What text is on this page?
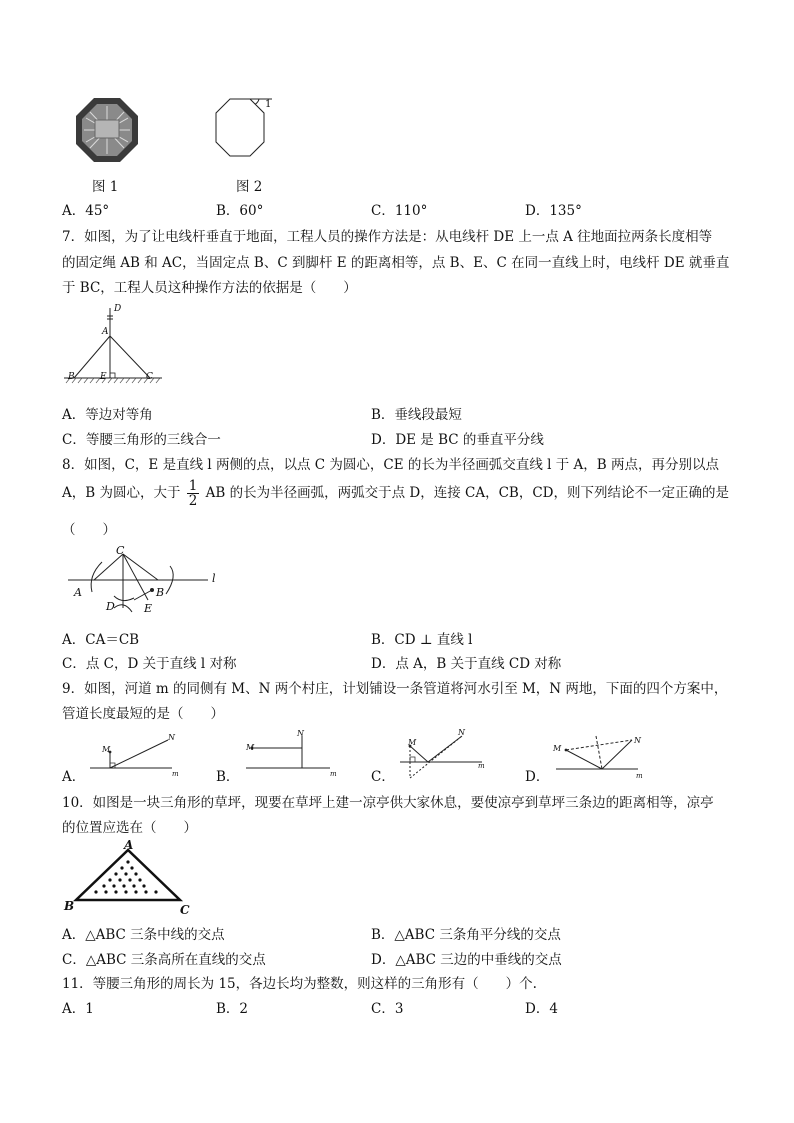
图 1
1
图 2
A．45°	B．60°	C．110°	D．135°
7．如图，为了让电线杆垂直于地面，工程人员的操作方法是：从电线杆 DE 上一点 A 往地面拉两条长度相等
的固定绳 AB 和 AC，当固定点 B、C 到脚杆 E 的距离相等，点 B、E、C 在同一直线上时，电线杆 DE 就垂直
于 BC，工程人员这种操作方法的依据是（　　）
D
A
B	E	C
A．等边对等角	B．垂线段最短
C．等腰三角形的三线合一	D．DE 是 BC 的垂直平分线
8．如图，C，E 是直线 l 两侧的点，以点 C 为圆心，CE 的长为半径画弧交直线 l 于 A，B 两点，再分别以点
A，B 为圆心，大于 $\frac{1}{2}$ AB 的长为半径画弧，两弧交于点 D，连接 CA，CB，CD，则下列结论不一定正确的是
（　　）
C
A
D	E
B
l
A．CA＝CB	B．CD ⊥ 直线 l
C．点 C，D 关于直线 l 对称	D．点 A，B 关于直线 CD 对称
9．如图，河道 m 的同侧有 M、N 两个村庄，计划铺设一条管道将河水引至 M，N 两地，下面的四个方案中，
管道长度最短的是（　　）
A．
M
N
m	B．
M
N
m	C．
M
N
m
D．
M
N
m
10．如图是一块三角形的草坪，现要在草坪上建一凉亭供大家休息，要使凉亭到草坪三条边的距离相等，凉亭
的位置应选在（　　）
A
B	C
A．△ABC 三条中线的交点	B．△ABC 三条角平分线的交点
C．△ABC 三条高所在直线的交点	D．△ABC 三边的中垂线的交点
11．等腰三角形的周长为 15，各边长均为整数，则这样的三角形有（　　）个.
A．1	B．2	C．3	D．4
